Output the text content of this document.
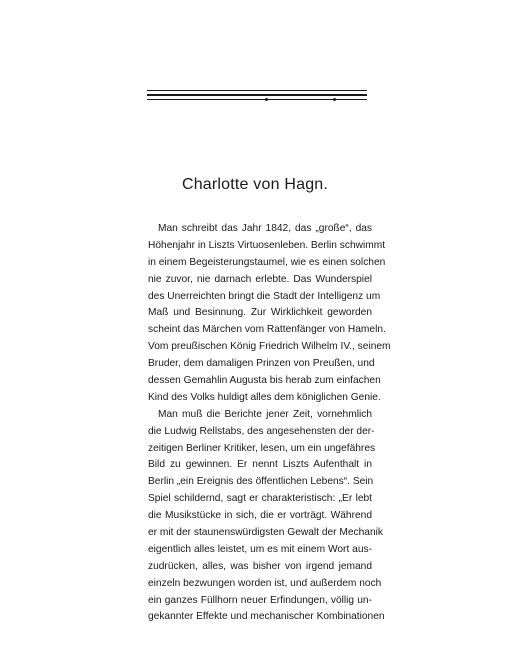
Charlotte von Hagn.
Man schreibt das Jahr 1842, das „große“, das
Höhenjahr in Liszts Virtuosenleben. Berlin schwimmt
in einem Begeisterungstaumel, wie es einen solchen
nie zuvor, nie darnach erlebte. Das Wunderspiel
des Unerreichten bringt die Stadt der Intelligenz um
Maß und Besinnung. Zur Wirklichkeit geworden
scheint das Märchen vom Rattenfänger von Hameln.
Vom preußischen König Friedrich Wilhelm IV., seinem
Bruder, dem damaligen Prinzen von Preußen, und
dessen Gemahlin Augusta bis herab zum einfachen
Kind des Volks huldigt alles dem königlichen Genie.
Man muß die Berichte jener Zeit, vornehmlich
die Ludwig Rellstabs, des angesehensten der der-
zeitigen Berliner Kritiker, lesen, um ein ungefähres
Bild zu gewinnen. Er nennt Liszts Aufenthalt in
Berlin „ein Ereignis des öffentlichen Lebens“. Sein
Spiel schildernd, sagt er charakteristisch: „Er lebt
die Musikstücke in sich, die er vorträgt. Während
er mit der staunenswürdigsten Gewalt der Mechanik
eigentlich alles leistet, um es mit einem Wort aus-
zudrücken, alles, was bisher von irgend jemand
einzeln bezwungen worden ist, und außerdem noch
ein ganzes Füllhorn neuer Erfindungen, völlig un-
gekannter Effekte und mechanischer Kombinationen
